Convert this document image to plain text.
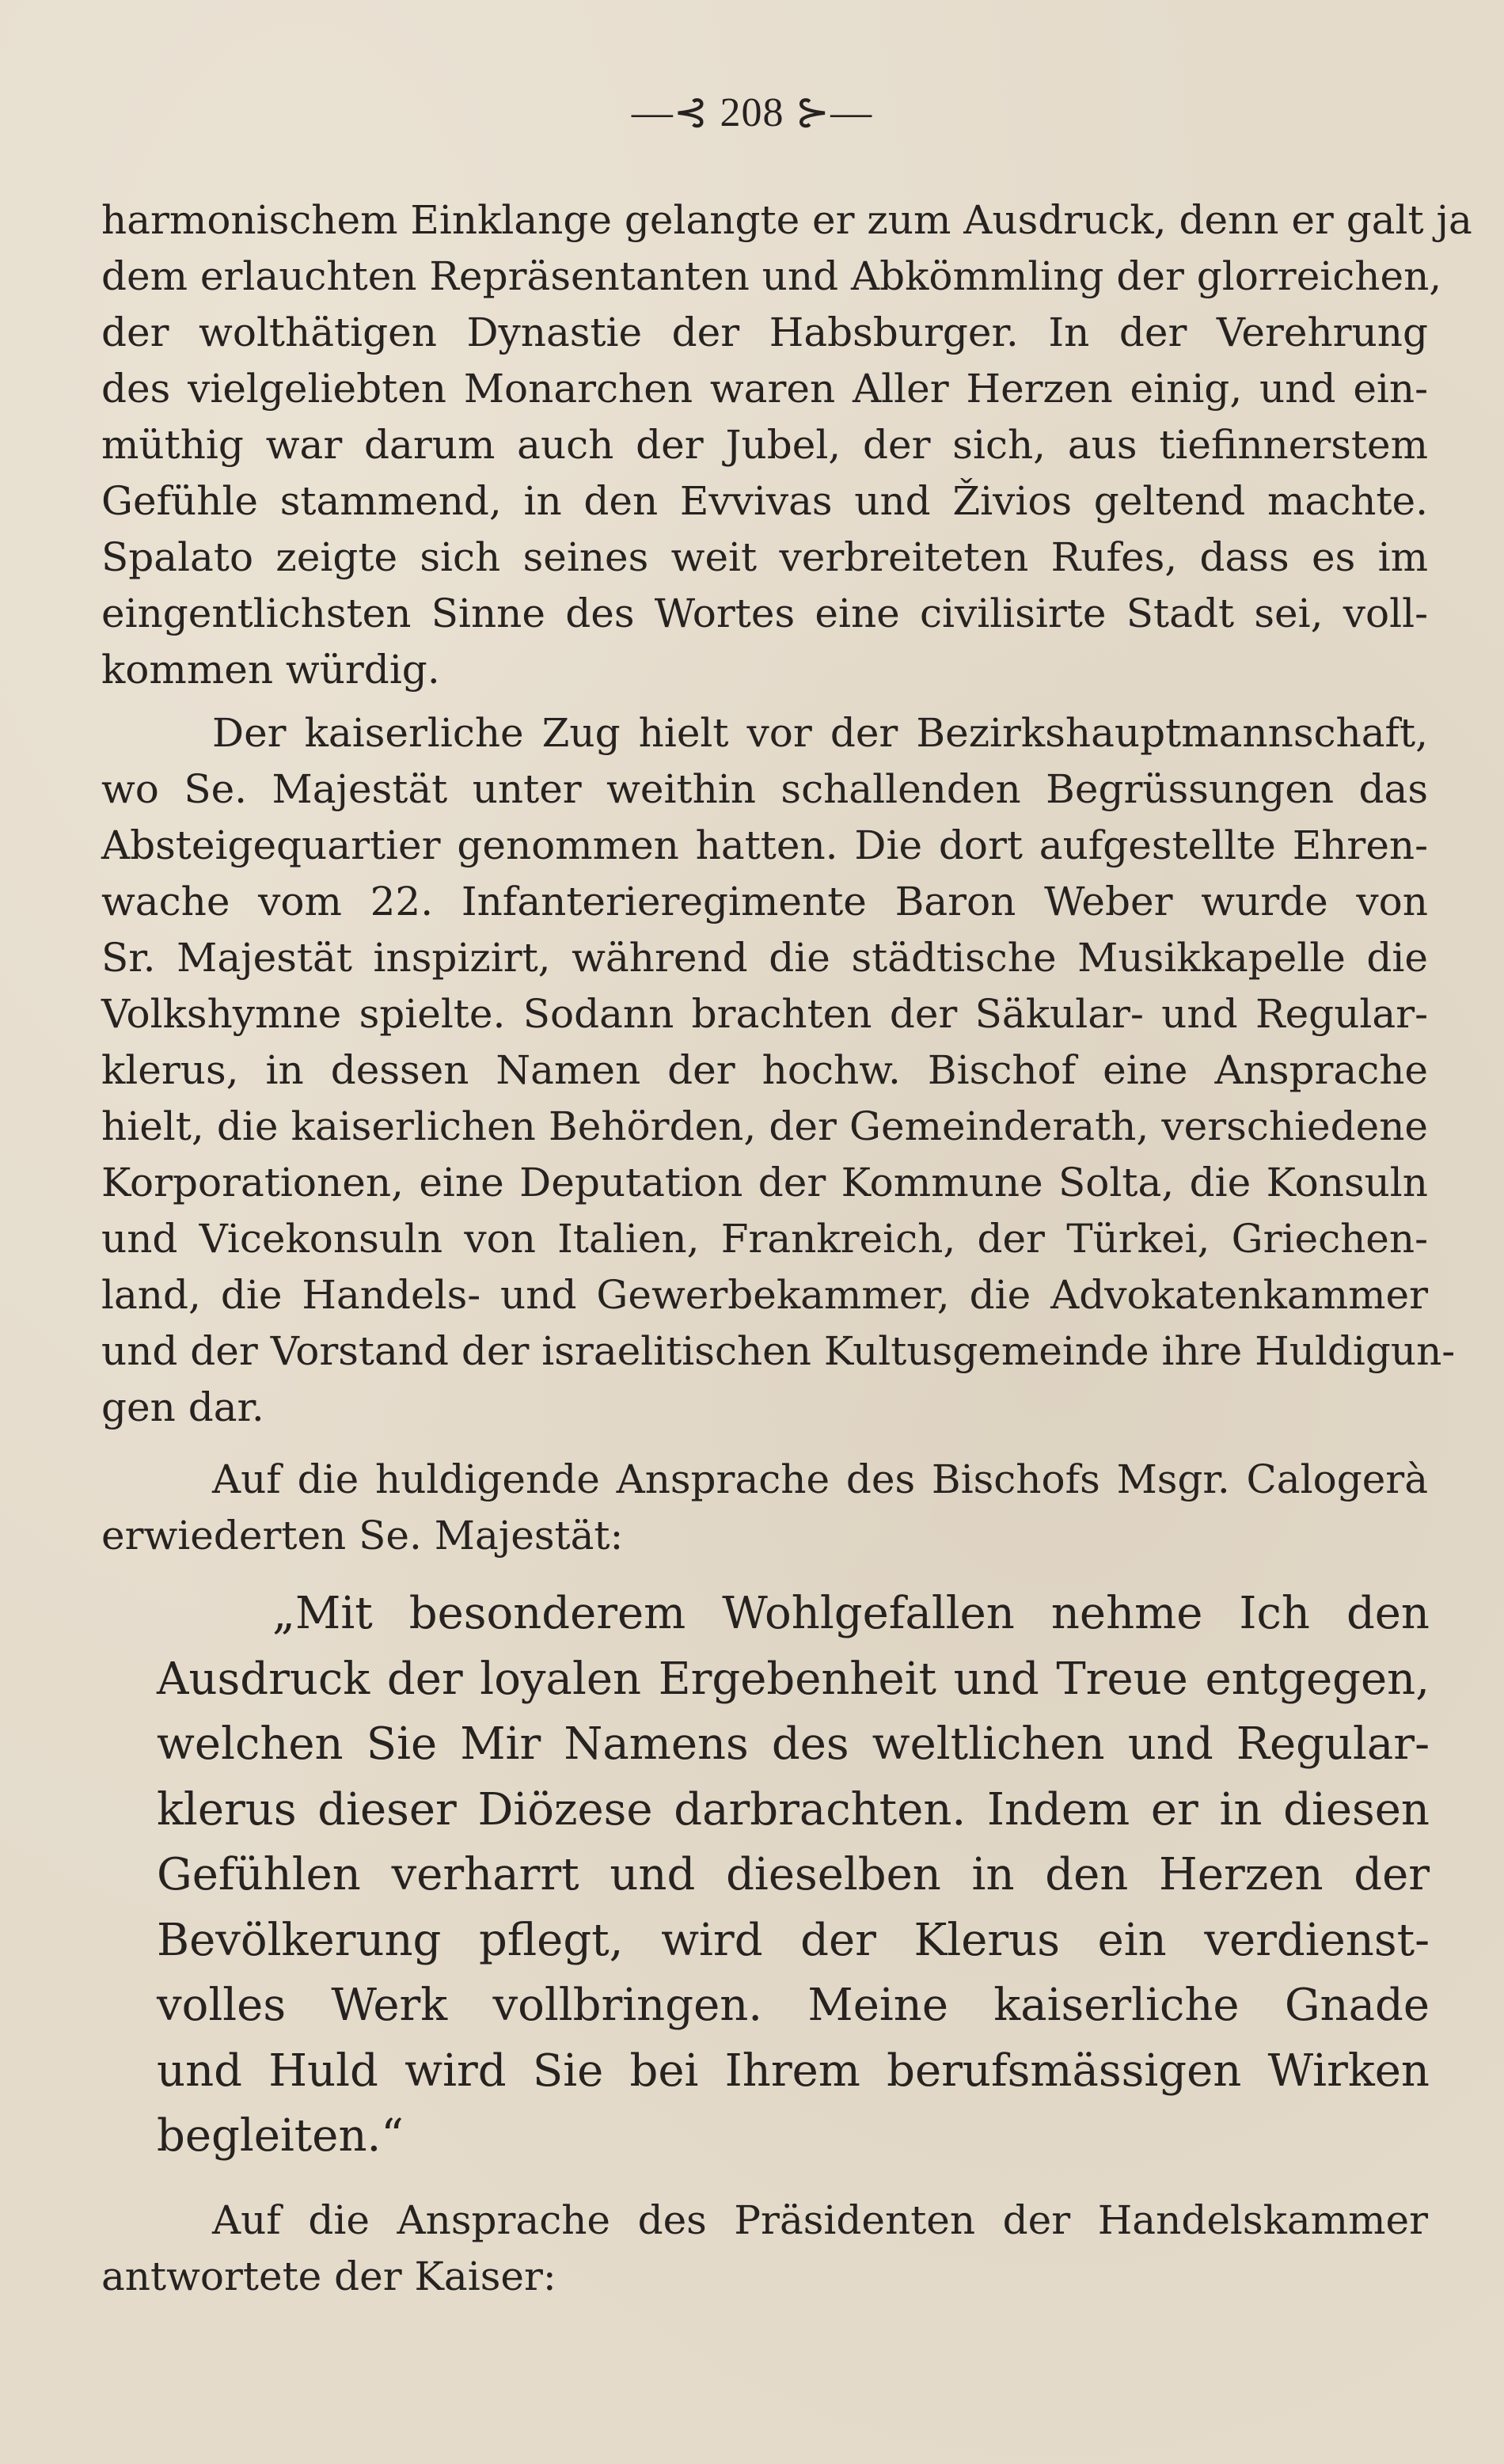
—⊰ 208 ⊱—
harmonischem Einklange gelangte er zum Ausdruck, denn er galt ja
dem erlauchten Repräsentanten und Abkömmling der glorreichen,
der wolthätigen Dynastie der Habsburger. In der Verehrung
des vielgeliebten Monarchen waren Aller Herzen einig, und ein-
müthig war darum auch der Jubel, der sich, aus tiefinnerstem
Gefühle stammend, in den Evvivas und Živios geltend machte.
Spalato zeigte sich seines weit verbreiteten Rufes, dass es im
eingentlichsten Sinne des Wortes eine civilisirte Stadt sei, voll-
kommen würdig.
Der kaiserliche Zug hielt vor der Bezirkshauptmannschaft,
wo Se. Majestät unter weithin schallenden Begrüssungen das
Absteigequartier genommen hatten. Die dort aufgestellte Ehren-
wache vom 22. Infanterieregimente Baron Weber wurde von
Sr. Majestät inspizirt, während die städtische Musikkapelle die
Volkshymne spielte. Sodann brachten der Säkular- und Regular-
klerus, in dessen Namen der hochw. Bischof eine Ansprache
hielt, die kaiserlichen Behörden, der Gemeinderath, verschiedene
Korporationen, eine Deputation der Kommune Solta, die Konsuln
und Vicekonsuln von Italien, Frankreich, der Türkei, Griechen-
land, die Handels- und Gewerbekammer, die Advokatenkammer
und der Vorstand der israelitischen Kultusgemeinde ihre Huldigun-
gen dar.
Auf die huldigende Ansprache des Bischofs Msgr. Calogerà
erwiederten Se. Majestät:
„Mit besonderem Wohlgefallen nehme Ich den
Ausdruck der loyalen Ergebenheit und Treue entgegen,
welchen Sie Mir Namens des weltlichen und Regular-
klerus dieser Diözese darbrachten. Indem er in diesen
Gefühlen verharrt und dieselben in den Herzen der
Bevölkerung pflegt, wird der Klerus ein verdienst-
volles Werk vollbringen. Meine kaiserliche Gnade
und Huld wird Sie bei Ihrem berufsmässigen Wirken
begleiten.“
Auf die Ansprache des Präsidenten der Handelskammer
antwortete der Kaiser:
